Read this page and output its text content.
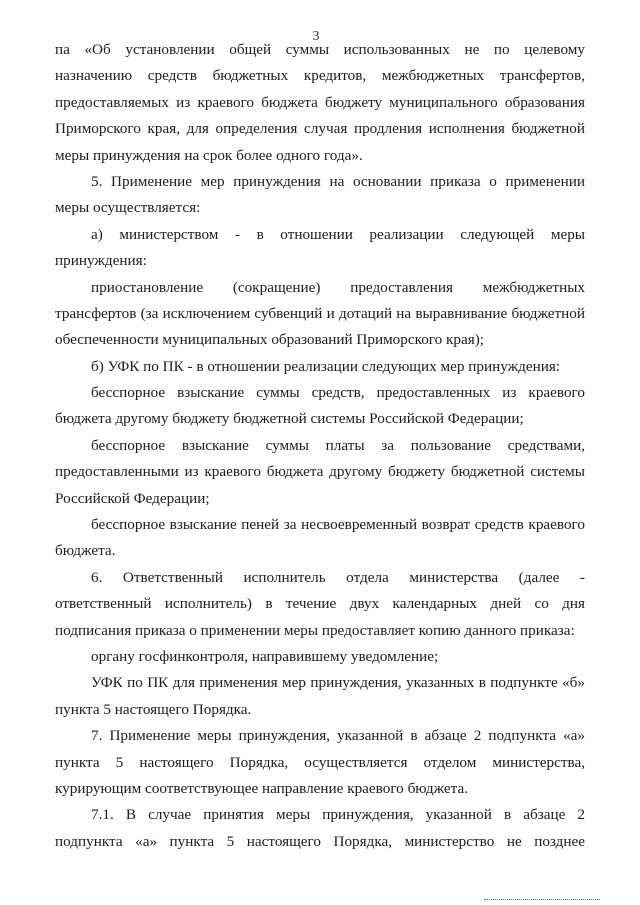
3
па «Об установлении общей суммы использованных не по целевому
назначению средств бюджетных кредитов, межбюджетных трансфертов,
предоставляемых из краевого бюджета бюджету муниципального образования
Приморского края, для определения случая продления исполнения бюджетной
меры принуждения на срок более одного года».
5. Применение мер принуждения на основании приказа о применении
меры осуществляется:
а) министерством - в отношении реализации следующей меры
принуждения:
приостановление (сокращение) предоставления межбюджетных
трансфертов (за исключением субвенций и дотаций на выравнивание бюджетной
обеспеченности муниципальных образований Приморского края);
б) УФК по ПК - в отношении реализации следующих мер принуждения:
бесспорное взыскание суммы средств, предоставленных из краевого
бюджета другому бюджету бюджетной системы Российской Федерации;
бесспорное взыскание суммы платы за пользование средствами,
предоставленными из краевого бюджета другому бюджету бюджетной системы
Российской Федерации;
бесспорное взыскание пеней за несвоевременный возврат средств краевого
бюджета.
6. Ответственный исполнитель отдела министерства (далее -
ответственный исполнитель) в течение двух календарных дней со дня
подписания приказа о применении меры предоставляет копию данного приказа:
органу госфинконтроля, направившему уведомление;
УФК по ПК для применения мер принуждения, указанных в подпункте «б»
пункта 5 настоящего Порядка.
7. Применение меры принуждения, указанной в абзаце 2 подпункта «а»
пункта 5 настоящего Порядка, осуществляется отделом министерства,
курирующим соответствующее направление краевого бюджета.
7.1. В случае принятия меры принуждения, указанной в абзаце 2
подпункта «а» пункта 5 настоящего Порядка, министерство не позднее
